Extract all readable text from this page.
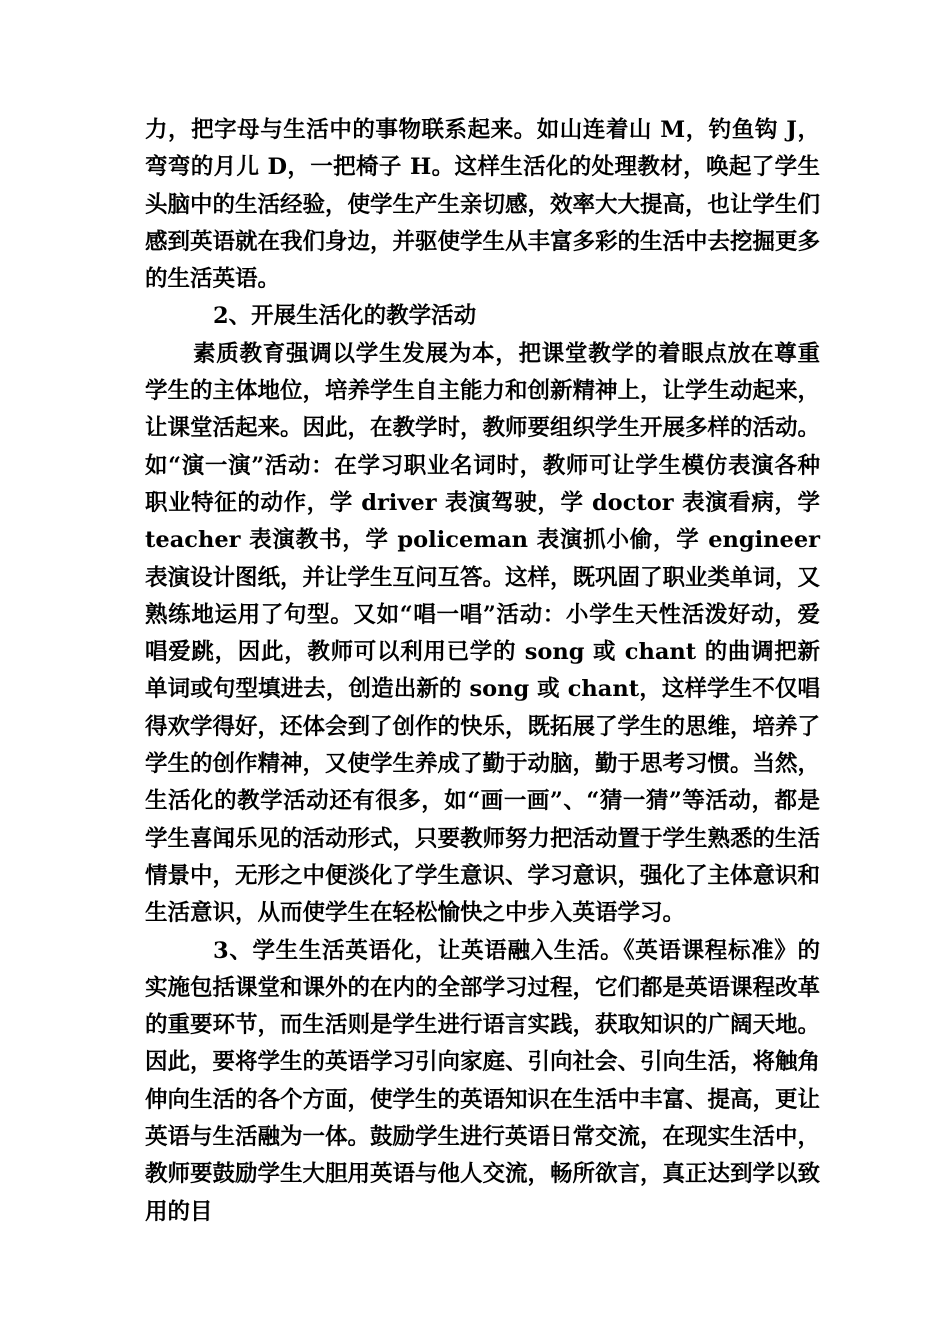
力，把字母与生活中的事物联系起来。如山连着山 M，钓鱼钩 J，弯弯的月儿 D，一把椅子 H。这样生活化的处理教材，唤起了学生头脑中的生活经验，使学生产生亲切感，效率大大提高，也让学生们感到英语就在我们身边，并驱使学生从丰富多彩的生活中去挖掘更多的生活英语。

2、开展生活化的教学活动

素质教育强调以学生发展为本，把课堂教学的着眼点放在尊重学生的主体地位，培养学生自主能力和创新精神上，让学生动起来，让课堂活起来。因此，在教学时，教师要组织学生开展多样的活动。如“演一演”活动：在学习职业名词时，教师可让学生模仿表演各种职业特征的动作，学 driver 表演驾驶，学 doctor 表演看病，学 teacher 表演教书，学 policeman 表演抓小偷，学 engineer 表演设计图纸，并让学生互问互答。这样，既巩固了职业类单词，又熟练地运用了句型。又如“唱一唱”活动：小学生天性活泼好动，爱唱爱跳，因此，教师可以利用已学的 song 或 chant 的曲调把新单词或句型填进去，创造出新的 song 或 chant，这样学生不仅唱得欢学得好，还体会到了创作的快乐，既拓展了学生的思维，培养了学生的创作精神，又使学生养成了勤于动脑，勤于思考习惯。当然，生活化的教学活动还有很多，如“画一画”、“猜一猜”等活动，都是学生喜闻乐见的活动形式，只要教师努力把活动置于学生熟悉的生活情景中，无形之中便淡化了学生意识、学习意识，强化了主体意识和生活意识，从而使学生在轻松愉快之中步入英语学习。

3、学生生活英语化，让英语融入生活。《英语课程标准》的实施包括课堂和课外的在内的全部学习过程，它们都是英语课程改革的重要环节，而生活则是学生进行语言实践，获取知识的广阔天地。因此，要将学生的英语学习引向家庭、引向社会、引向生活，将触角伸向生活的各个方面，使学生的英语知识在生活中丰富、提高，更让英语与生活融为一体。鼓励学生进行英语日常交流，在现实生活中，教师要鼓励学生大胆用英语与他人交流，畅所欲言，真正达到学以致用的目
